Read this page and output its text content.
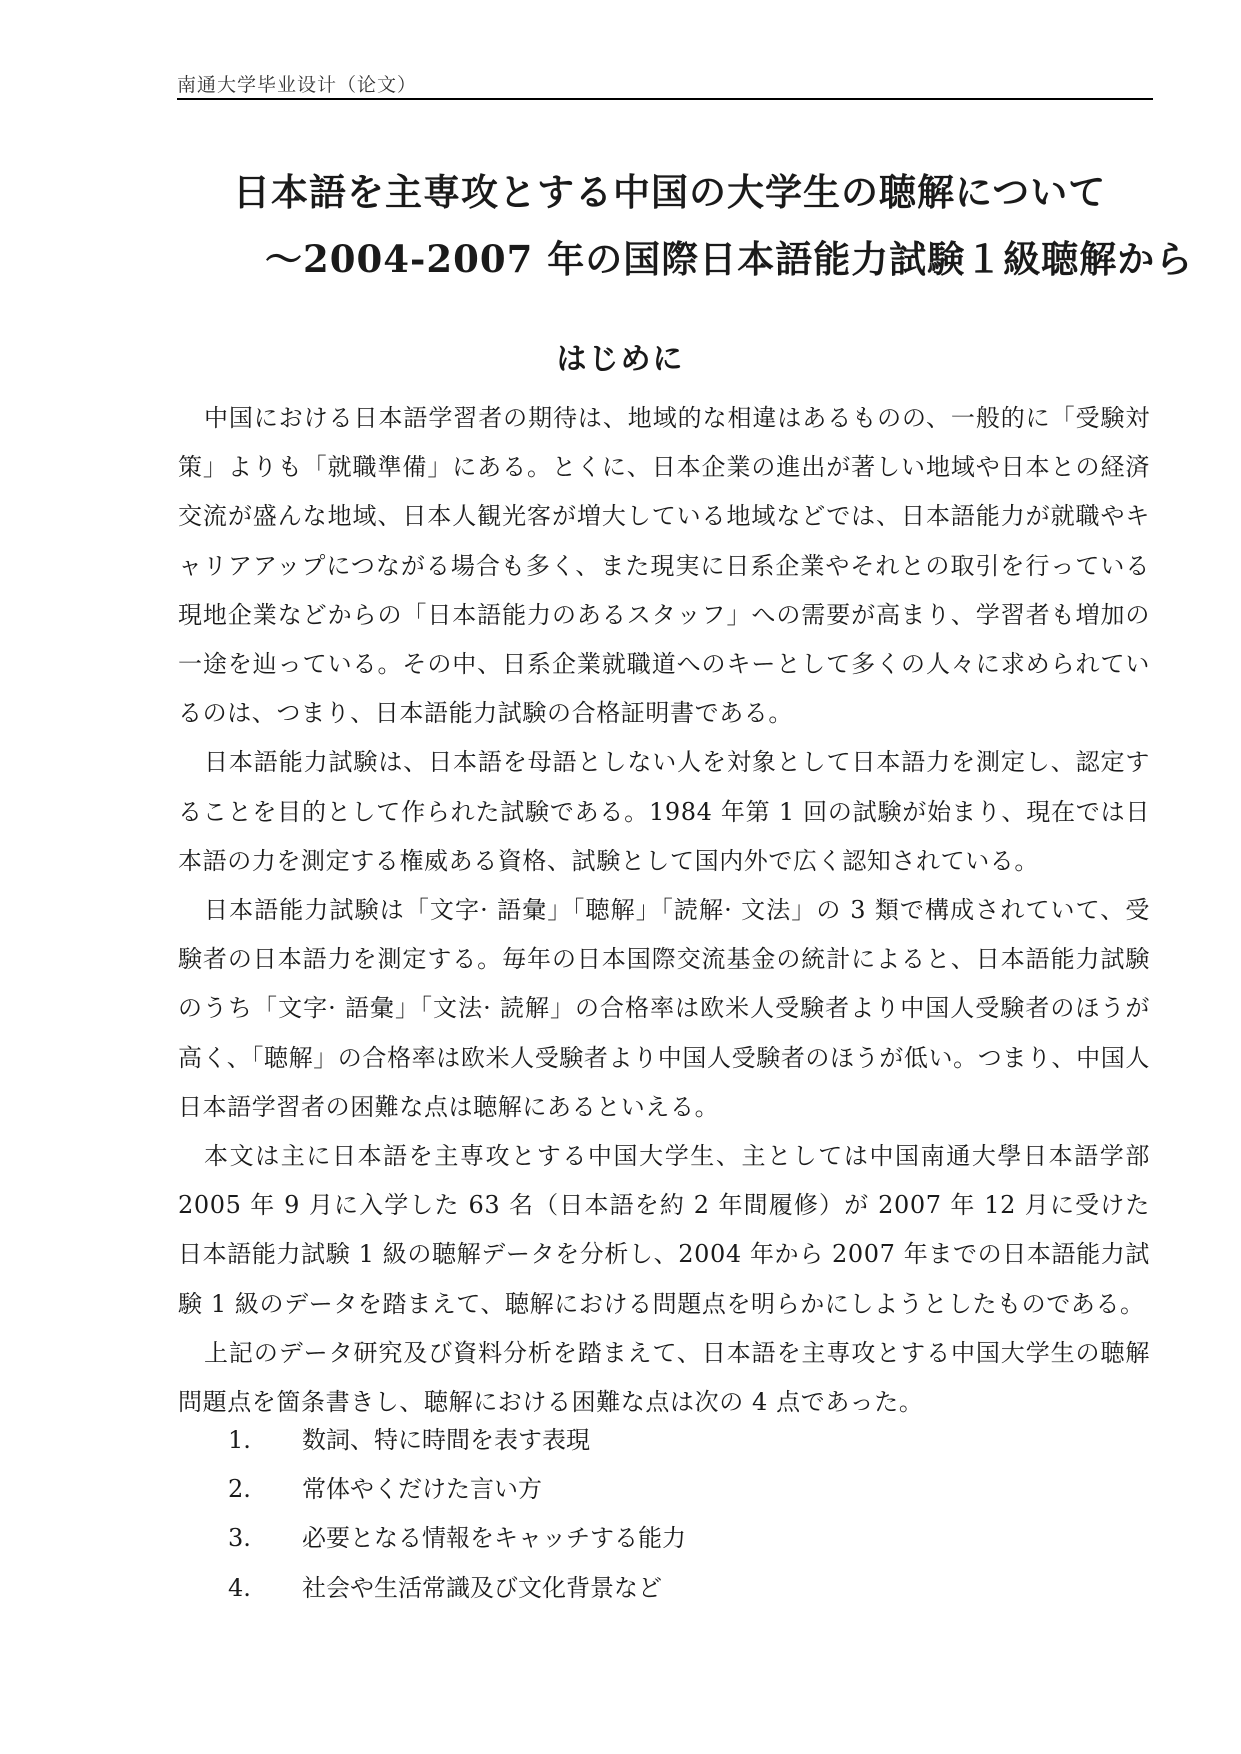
南通大学毕业设计（论文）
日本語を主専攻とする中国の大学生の聴解について
～2004-2007 年の国際日本語能力試験１級聴解から
はじめに

中国における日本語学習者の期待は、地域的な相違はあるものの、一般的に「受験対策」よりも「就職準備」にある。とくに、日本企業の進出が著しい地域や日本との経済交流が盛んな地域、日本人観光客が増大している地域などでは、日本語能力が就職やキャリアアップにつながる場合も多く、また現実に日系企業やそれとの取引を行っている現地企業などからの「日本語能力のあるスタッフ」への需要が高まり、学習者も増加の一途を辿っている。その中、日系企業就職道へのキーとして多くの人々に求められているのは、つまり、日本語能力試験の合格証明書である。

日本語能力試験は、日本語を母語としない人を対象として日本語力を測定し、認定することを目的として作られた試験である。1984 年第 1 回の試験が始まり、現在では日本語の力を測定する権威ある資格、試験として国内外で広く認知されている。

日本語能力試験は「文字· 語彙」「聴解」「読解· 文法」の 3 類で構成されていて、受験者の日本語力を測定する。毎年の日本国際交流基金の統計によると、日本語能力試験のうち「文字· 語彙」「文法· 読解」の合格率は欧米人受験者より中国人受験者のほうが高く、「聴解」の合格率は欧米人受験者より中国人受験者のほうが低い。つまり、中国人日本語学習者の困難な点は聴解にあるといえる。

本文は主に日本語を主専攻とする中国大学生、主としては中国南通大學日本語学部 2005 年 9 月に入学した 63 名（日本語を約 2 年間履修）が 2007 年 12 月に受けた日本語能力試験 1 級の聴解データを分析し、2004 年から 2007 年までの日本語能力試験 1 級のデータを踏まえて、聴解における問題点を明らかにしようとしたものである。

上記のデータ研究及び資料分析を踏まえて、日本語を主専攻とする中国大学生の聴解問題点を箇条書きし、聴解における困難な点は次の 4 点であった。

1. 数詞、特に時間を表す表現
2. 常体やくだけた言い方
3. 必要となる情報をキャッチする能力
4. 社会や生活常識及び文化背景など
